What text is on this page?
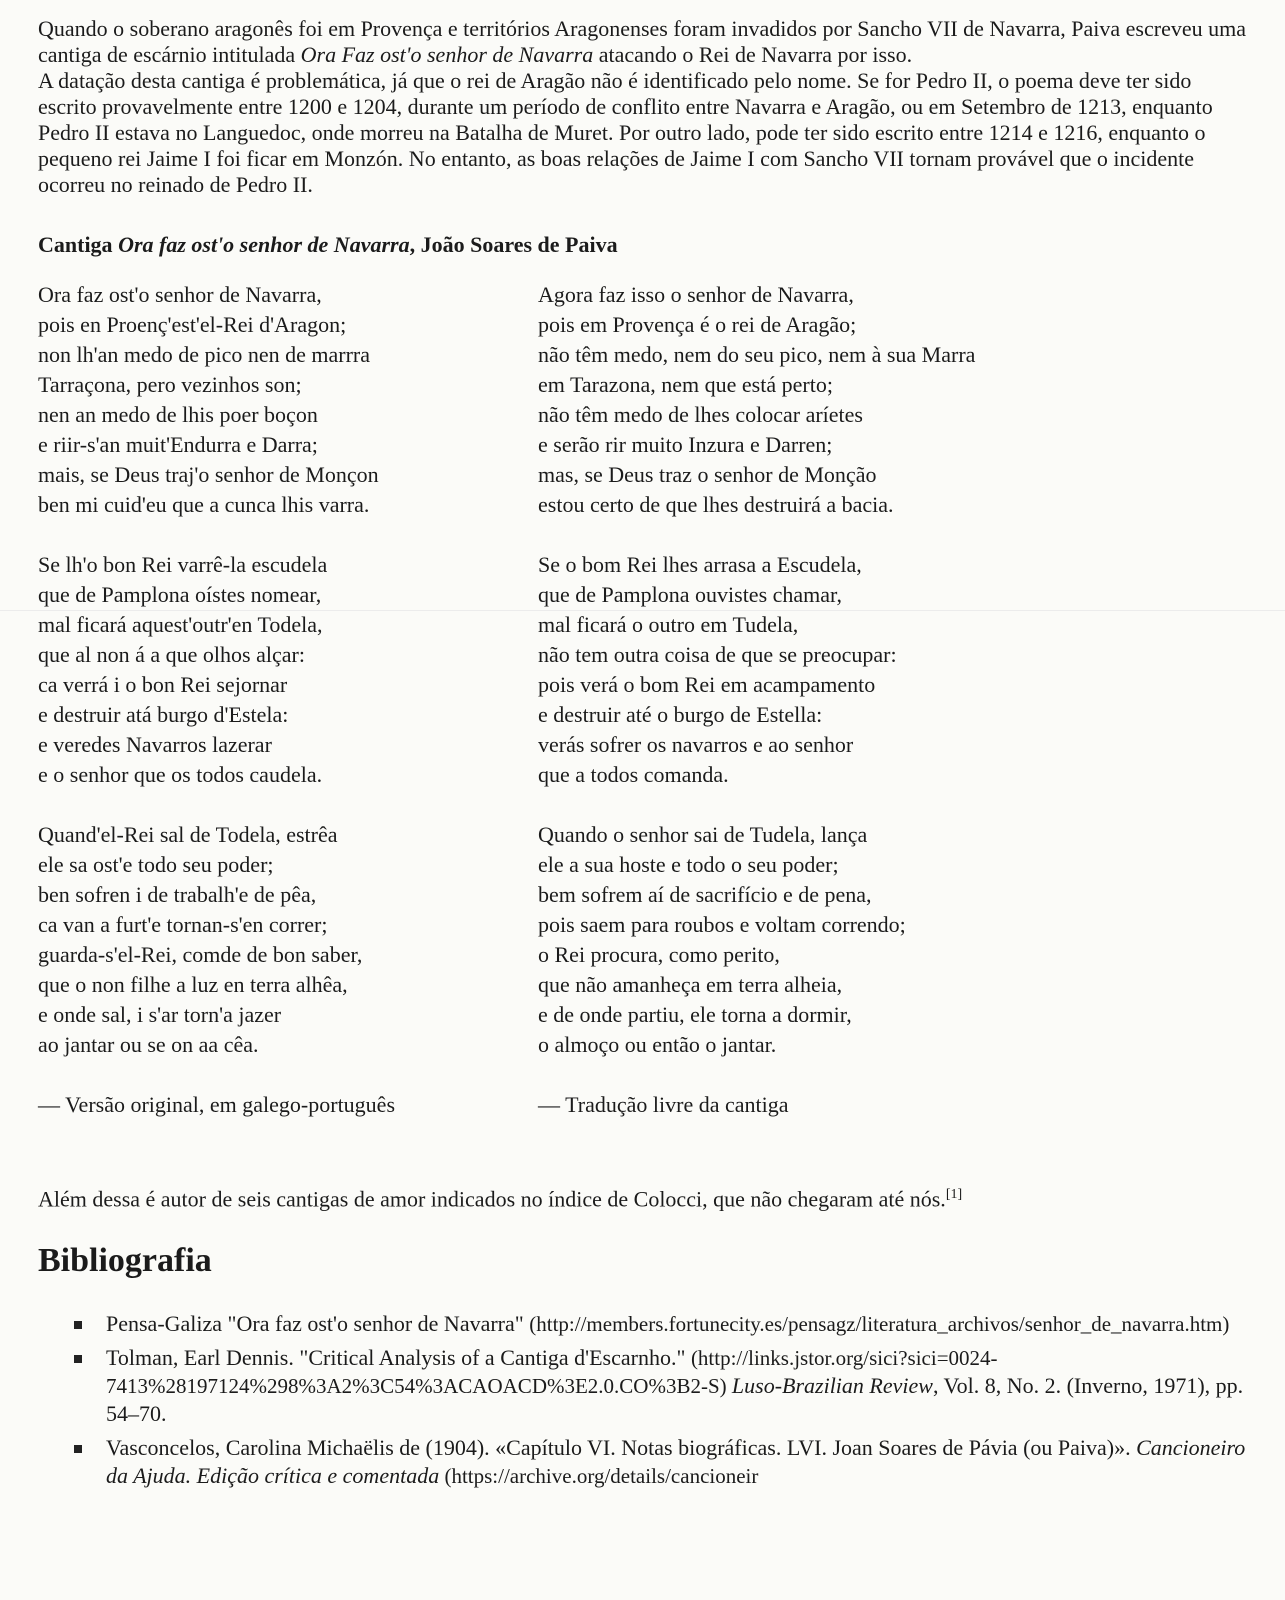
Quando o soberano aragonês foi em Provença e territórios Aragonenses foram invadidos por Sancho VII de Navarra, Paiva escreveu uma cantiga de escárnio intitulada Ora Faz ost'o senhor de Navarra atacando o Rei de Navarra por isso.

A datação desta cantiga é problemática, já que o rei de Aragão não é identificado pelo nome. Se for Pedro II, o poema deve ter sido escrito provavelmente entre 1200 e 1204, durante um período de conflito entre Navarra e Aragão, ou em Setembro de 1213, enquanto Pedro II estava no Languedoc, onde morreu na Batalha de Muret. Por outro lado, pode ter sido escrito entre 1214 e 1216, enquanto o pequeno rei Jaime I foi ficar em Monzón. No entanto, as boas relações de Jaime I com Sancho VII tornam provável que o incidente ocorreu no reinado de Pedro II.

Cantiga Ora faz ost'o senhor de Navarra, João Soares de Paiva
Ora faz ost'o senhor de Navarra,
pois en Proenç'est'el-Rei d'Aragon;
non lh'an medo de pico nen de marrra
Tarraçona, pero vezinhos son;
nen an medo de lhis poer boçon
e riir-s'an muit'Endurra e Darra;
mais, se Deus traj'o senhor de Monçon
ben mi cuid'eu que a cunca lhis varra.
Se lh'o bon Rei varrê-la escudela
que de Pamplona oístes nomear,
mal ficará aquest'outr'en Todela,
que al non á a que olhos alçar:
ca verrá i o bon Rei sejornar
e destruir atá burgo d'Estela:
e veredes Navarros lazerar
e o senhor que os todos caudela.
Quand'el-Rei sal de Todela, estrêa
ele sa ost'e todo seu poder;
ben sofren i de trabalh'e de pêa,
ca van a furt'e tornan-s'en correr;
guarda-s'el-Rei, comde de bon saber,
que o non filhe a luz en terra alhêa,
e onde sal, i s'ar torn'a jazer
ao jantar ou se on aa cêa.
— Versão original, em galego-português
Agora faz isso o senhor de Navarra,
pois em Provença é o rei de Aragão;
não têm medo, nem do seu pico, nem à sua Marra
em Tarazona, nem que está perto;
não têm medo de lhes colocar aríetes
e serão rir muito Inzura e Darren;
mas, se Deus traz o senhor de Monção
estou certo de que lhes destruirá a bacia.
Se o bom Rei lhes arrasa a Escudela,
que de Pamplona ouvistes chamar,
mal ficará o outro em Tudela,
não tem outra coisa de que se preocupar:
pois verá o bom Rei em acampamento
e destruir até o burgo de Estella:
verás sofrer os navarros e ao senhor
que a todos comanda.
Quando o senhor sai de Tudela, lança
ele a sua hoste e todo o seu poder;
bem sofrem aí de sacrifício e de pena,
pois saem para roubos e voltam correndo;
o Rei procura, como perito,
que não amanheça em terra alheia,
e de onde partiu, ele torna a dormir,
o almoço ou então o jantar.
— Tradução livre da cantiga
Além dessa é autor de seis cantigas de amor indicados no índice de Colocci, que não chegaram até nós.[1]
Bibliografia
Pensa-Galiza "Ora faz ost'o senhor de Navarra" (http://members.fortunecity.es/pensagz/literatura_archivos/senhor_de_navarra.htm)
Tolman, Earl Dennis. "Critical Analysis of a Cantiga d'Escarnho." (http://links.jstor.org/sici?sici=0024-7413%28197124%298%3A2%3C54%3ACAOACD%3E2.0.CO%3B2-S) Luso-Brazilian Review, Vol. 8, No. 2. (Inverno, 1971), pp. 54–70.
Vasconcelos, Carolina Michaëlis de (1904). «Capítulo VI. Notas biográficas. LVI. Joan Soares de Pávia (ou Paiva)». Cancioneiro da Ajuda. Edição crítica e comentada (https://archive.org/details/cancioneir
